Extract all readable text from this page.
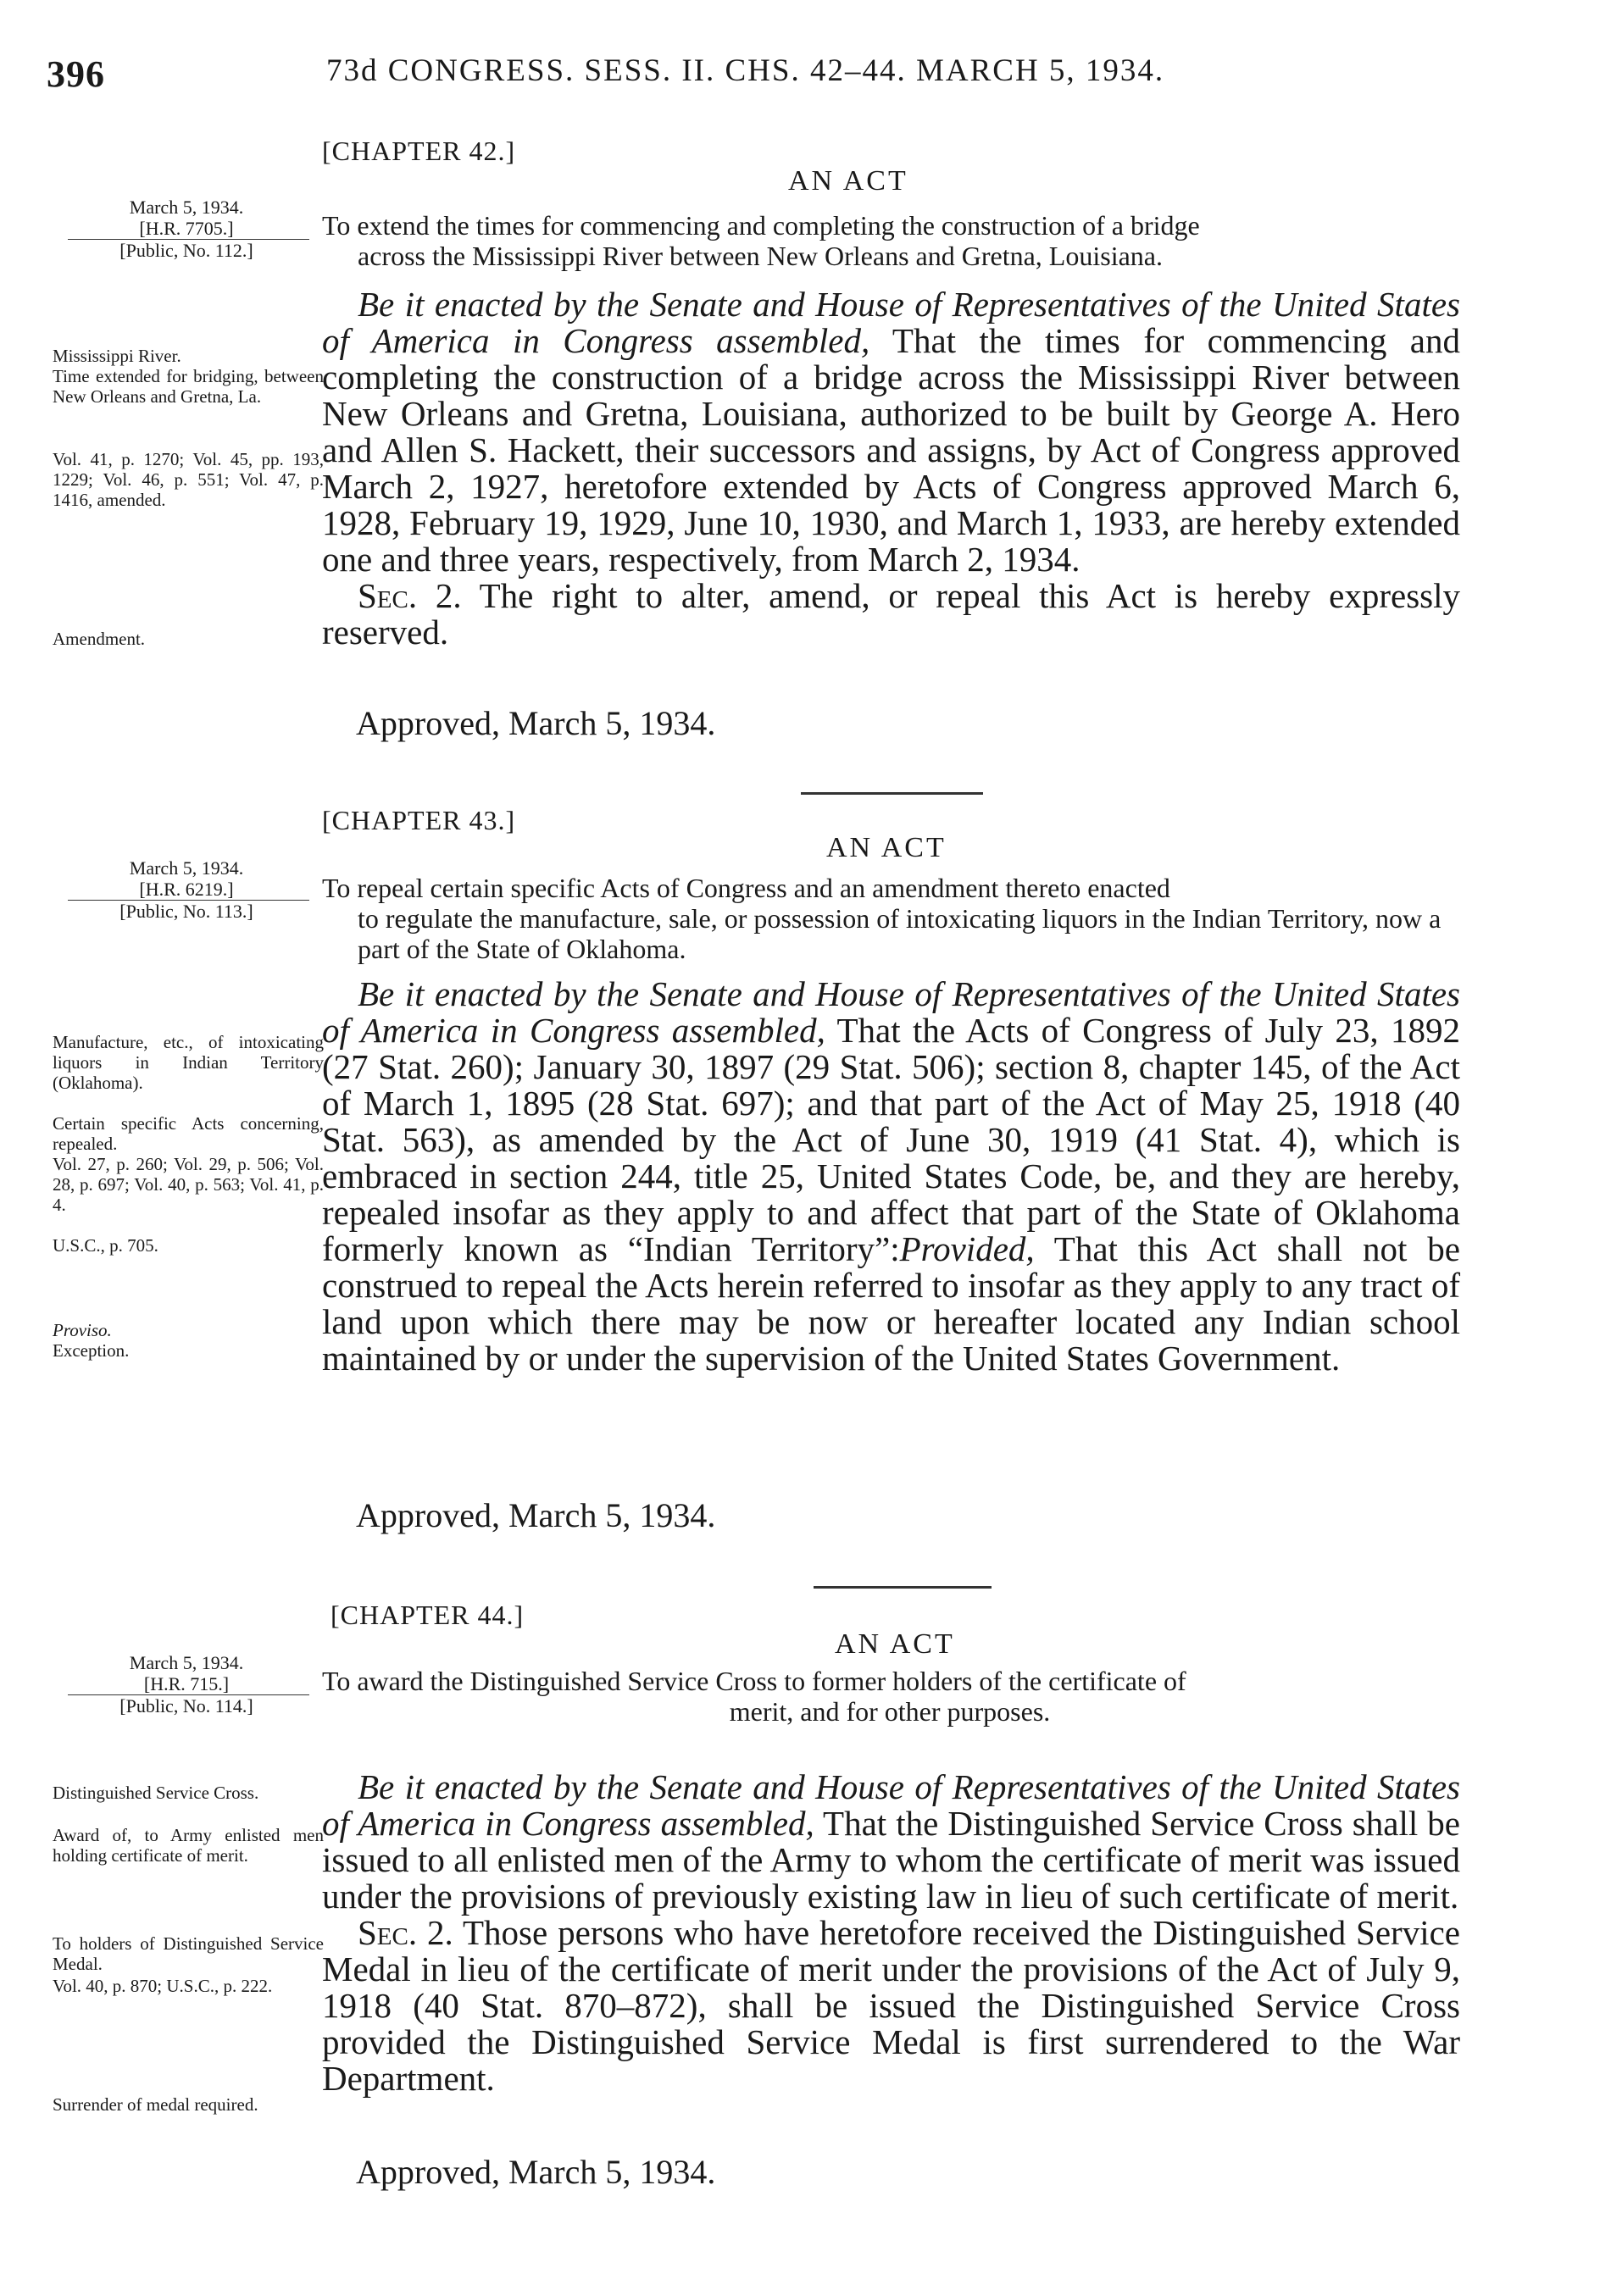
396	73d CONGRESS. SESS. II. CHS. 42–44. MARCH 5, 1934.
[CHAPTER 42.]
AN ACT
March 5, 1934.
[H.R. 7705.]
[Public, No. 112.]
To extend the times for commencing and completing the construction of a bridge
across the Mississippi River between New Orleans and Gretna, Louisiana.
Mississippi River.
Time extended for bridging, between New Orleans and Gretna, La.
Vol. 41, p. 1270; Vol. 45, pp. 193, 1229; Vol. 46, p. 551; Vol. 47, p. 1416, amended.
Amendment.

Be it enacted by the Senate and House of Representatives of the United States of America in Congress assembled, That the times for commencing and completing the construction of a bridge across the Mississippi River between New Orleans and Gretna, Louisiana, authorized to be built by George A. Hero and Allen S. Hackett, their successors and assigns, by Act of Congress approved March 2, 1927, heretofore extended by Acts of Congress approved March 6, 1928, February 19, 1929, June 10, 1930, and March 1, 1933, are hereby extended one and three years, respectively, from March 2, 1934.

Sec. 2. The right to alter, amend, or repeal this Act is hereby expressly reserved.

Approved, March 5, 1934.
[CHAPTER 43.]
AN ACT
March 5, 1934.
[H.R. 6219.]
[Public, No. 113.]
To repeal certain specific Acts of Congress and an amendment thereto enacted
to regulate the manufacture, sale, or possession of intoxicating liquors in the Indian Territory, now a part of the State of Oklahoma.
Manufacture, etc., of intoxicating liquors in Indian Territory (Oklahoma).
Certain specific Acts concerning, repealed.
Vol. 27, p. 260; Vol. 29, p. 506; Vol. 28, p. 697; Vol. 40, p. 563; Vol. 41, p. 4.
U.S.C., p. 705.
Proviso.
Exception.

Be it enacted by the Senate and House of Representatives of the United States of America in Congress assembled, That the Acts of Congress of July 23, 1892 (27 Stat. 260); January 30, 1897 (29 Stat. 506); section 8, chapter 145, of the Act of March 1, 1895 (28 Stat. 697); and that part of the Act of May 25, 1918 (40 Stat. 563), as amended by the Act of June 30, 1919 (41 Stat. 4), which is embraced in section 244, title 25, United States Code, be, and they are hereby, repealed insofar as they apply to and affect that part of the State of Oklahoma formerly known as “Indian Territory”:Provided, That this Act shall not be construed to repeal the Acts herein referred to insofar as they apply to any tract of land upon which there may be now or hereafter located any Indian school maintained by or under the supervision of the United States Government.

Approved, March 5, 1934.
[CHAPTER 44.]
AN ACT
March 5, 1934.
[H.R. 715.]
[Public, No. 114.]
To award the Distinguished Service Cross to former holders of the certificate of
merit, and for other purposes.
Distinguished Service Cross.
Award of, to Army enlisted men holding certificate of merit.
To holders of Distinguished Service Medal.
Vol. 40, p. 870; U.S.C., p. 222.
Surrender of medal required.

Be it enacted by the Senate and House of Representatives of the United States of America in Congress assembled, That the Distinguished Service Cross shall be issued to all enlisted men of the Army to whom the certificate of merit was issued under the provisions of previously existing law in lieu of such certificate of merit.

Sec. 2. Those persons who have heretofore received the Distinguished Service Medal in lieu of the certificate of merit under the provisions of the Act of July 9, 1918 (40 Stat. 870–872), shall be issued the Distinguished Service Cross provided the Distinguished Service Medal is first surrendered to the War Department.

Approved, March 5, 1934.
